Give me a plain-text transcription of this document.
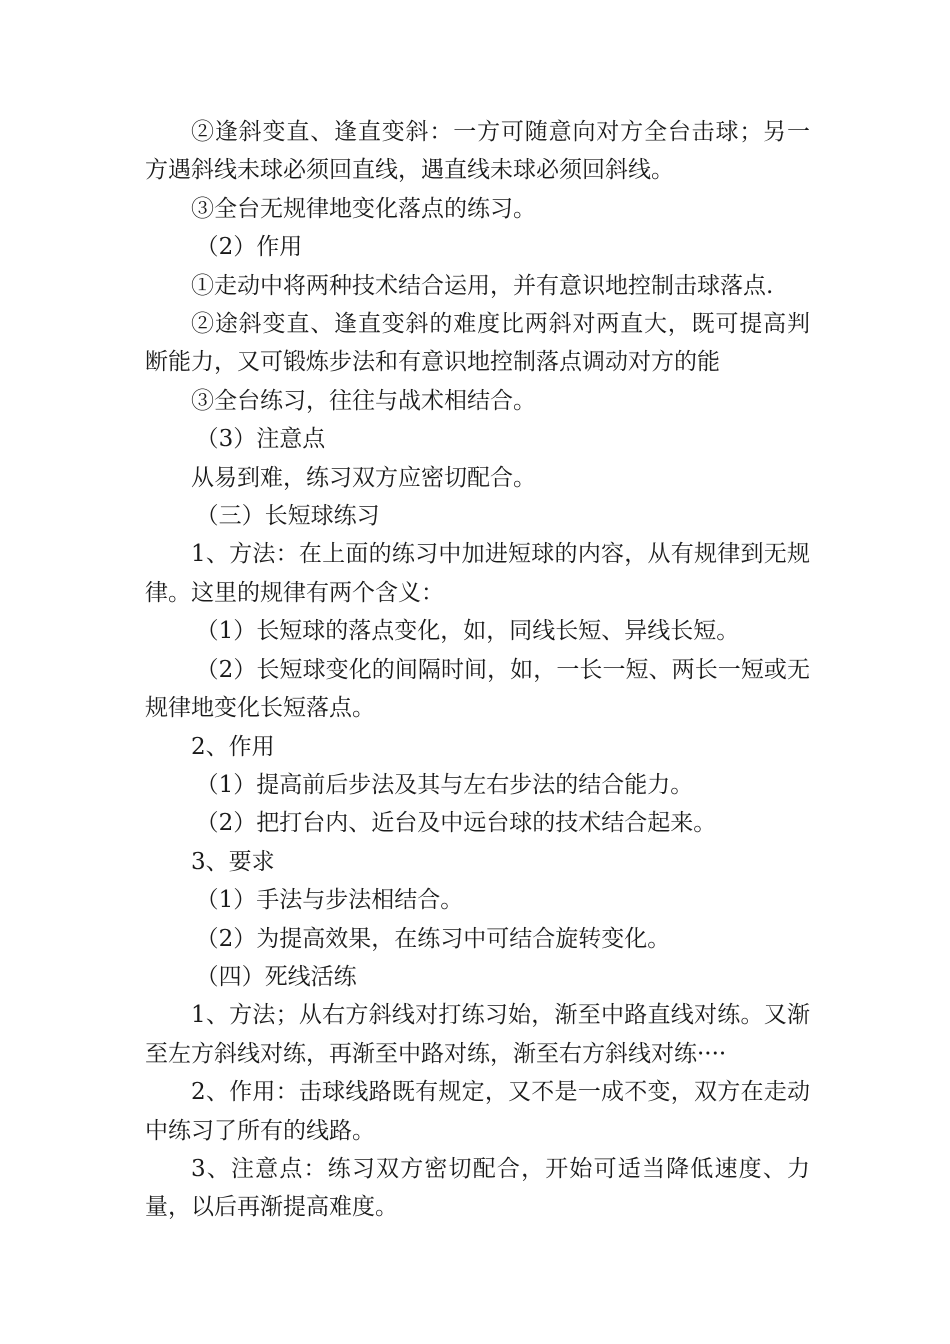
②逢斜变直、逢直变斜：一方可随意向对方全台击球；另一方遇斜线未球必须回直线，遇直线未球必须回斜线。

③全台无规律地变化落点的练习。

（2）作用

①走动中将两种技术结合运用，并有意识地控制击球落点.

②途斜变直、逢直变斜的难度比两斜对两直大，既可提高判断能力，又可锻炼步法和有意识地控制落点调动对方的能

③全台练习，往往与战术相结合。

（3）注意点

从易到难，练习双方应密切配合。

（三）长短球练习

1、方法：在上面的练习中加进短球的内容，从有规律到无规律。这里的规律有两个含义：

（1）长短球的落点变化，如，同线长短、异线长短。

（2）长短球变化的间隔时间，如，一长一短、两长一短或无规律地变化长短落点。

2、作用

（1）提高前后步法及其与左右步法的结合能力。

（2）把打台内、近台及中远台球的技术结合起来。

3、要求

（1）手法与步法相结合。

（2）为提高效果，在练习中可结合旋转变化。

（四）死线活练

1、方法；从右方斜线对打练习始，渐至中路直线对练。又渐至左方斜线对练，再渐至中路对练，渐至右方斜线对练····

2、作用：击球线路既有规定，又不是一成不变，双方在走动中练习了所有的线路。

3、注意点：练习双方密切配合，开始可适当降低速度、力量，以后再渐提高难度。
